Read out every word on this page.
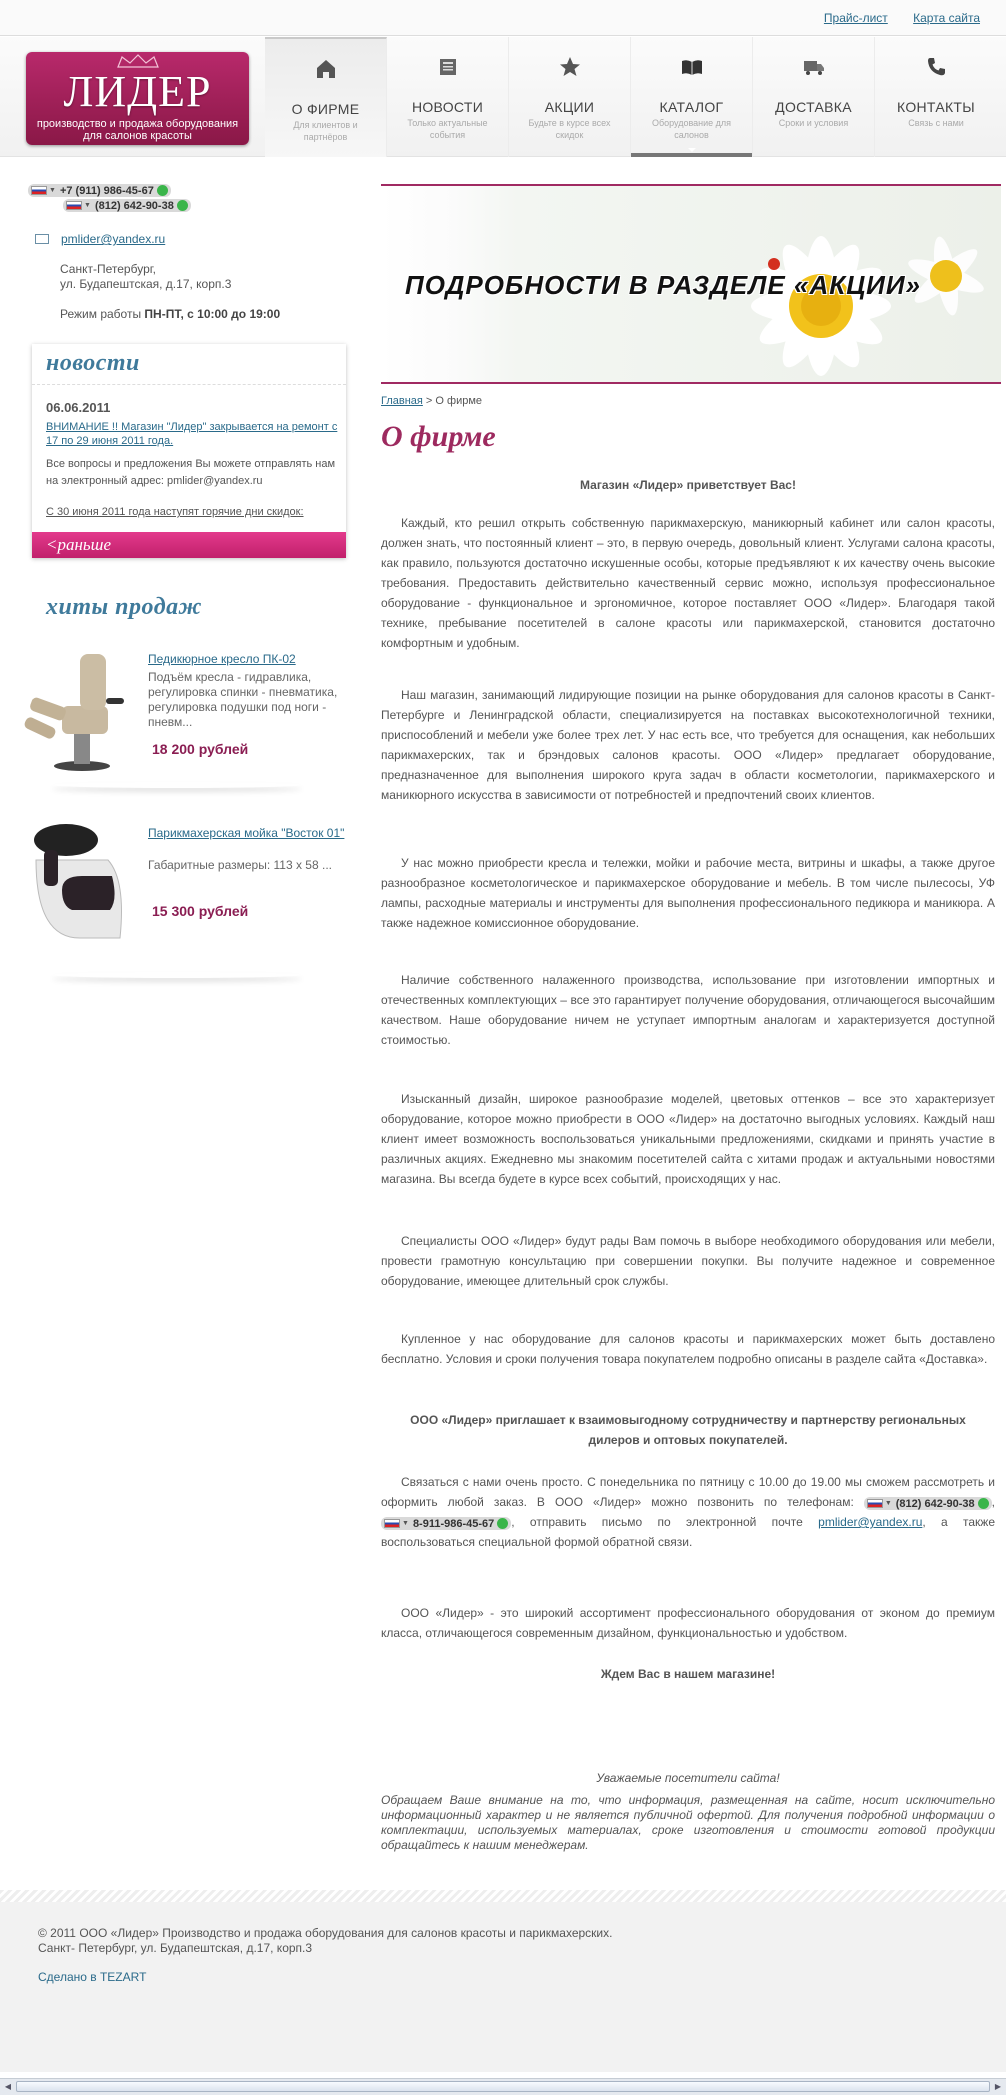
Прайс-лист Карта сайта
ЛИДЕР
производство и продажа оборудования для салонов красоты
О ФИРМЕ
Для клиентов и партнёров
НОВОСТИ
Только актуальные события
АКЦИИ
Будьте в курсе всех скидок
КАТАЛОГ
Оборудование для салонов
ДОСТАВКА
Сроки и условия
КОНТАКТЫ
Связь с нами
▼ +7 (911) 986-45-67
▼ (812) 642-90-38
pmlider@yandex.ru
Санкт-Петербург,
ул. Будапештская, д.17, корп.3
Режим работы ПН-ПТ, с 10:00 до 19:00
новости
06.06.2011
ВНИМАНИЕ !! Магазин "Лидер" закрывается на ремонт с 17 по 29 июня 2011 года.
Все вопросы и предложения Вы можете отправлять нам на электронный адрес: pmlider@yandex.ru
С 30 июня 2011 года наступят горячие дни скидок:
<раньше
хиты продаж
Педикюрное кресло ПК-02
Подъём кресла - гидравлика, регулировка спинки - пневматика, регулировка подушки под ноги - пневм...
18 200 рублей
Парикмахерская мойка "Восток 01"
Габаритные размеры: 113 х 58 ...
15 300 рублей
ПОДРОБНОСТИ В РАЗДЕЛЕ «АКЦИИ»
Главная > О фирме
О фирме
Магазин «Лидер» приветствует Вас!
Каждый, кто решил открыть собственную парикмахерскую, маникюрный кабинет или салон красоты, должен знать, что постоянный клиент – это, в первую очередь, довольный клиент. Услугами салона красоты, как правило, пользуются достаточно искушенные особы, которые предъявляют к их качеству очень высокие требования. Предоставить действительно качественный сервис можно, используя профессиональное оборудование - функциональное и эргономичное, которое поставляет ООО «Лидер». Благодаря такой технике, пребывание посетителей в салоне красоты или парикмахерской, становится достаточно комфортным и удобным.
Наш магазин, занимающий лидирующие позиции на рынке оборудования для салонов красоты в Санкт-Петербурге и Ленинградской области, специализируется на поставках высокотехнологичной техники, приспособлений и мебели уже более трех лет. У нас есть все, что требуется для оснащения, как небольших парикмахерских, так и брэндовых салонов красоты. ООО «Лидер» предлагает оборудование, предназначенное для выполнения широкого круга задач в области косметологии, парикмахерского и маникюрного искусства в зависимости от потребностей и предпочтений своих клиентов.
У нас можно приобрести кресла и тележки, мойки и рабочие места, витрины и шкафы, а также другое разнообразное косметологическое и парикмахерское оборудование и мебель. В том числе пылесосы, УФ лампы, расходные материалы и инструменты для выполнения профессионального педикюра и маникюра. А также надежное комиссионное оборудование.
Наличие собственного налаженного производства, использование при изготовлении импортных и отечественных комплектующих – все это гарантирует получение оборудования, отличающегося высочайшим качеством. Наше оборудование ничем не уступает импортным аналогам и характеризуется доступной стоимостью.
Изысканный дизайн, широкое разнообразие моделей, цветовых оттенков – все это характеризует оборудование, которое можно приобрести в ООО «Лидер» на достаточно выгодных условиях. Каждый наш клиент имеет возможность воспользоваться уникальными предложениями, скидками и принять участие в различных акциях. Ежедневно мы знакомим посетителей сайта с хитами продаж и актуальными новостями магазина. Вы всегда будете в курсе всех событий, происходящих у нас.
Специалисты ООО «Лидер» будут рады Вам помочь в выборе необходимого оборудования или мебели, провести грамотную консультацию при совершении покупки. Вы получите надежное и современное оборудование, имеющее длительный срок службы.
Купленное у нас оборудование для салонов красоты и парикмахерских может быть доставлено бесплатно. Условия и сроки получения товара покупателем подробно описаны в разделе сайта «Доставка».
ООО «Лидер» приглашает к взаимовыгодному сотрудничеству и партнерству региональных дилеров и оптовых покупателей.
Связаться с нами очень просто. С понедельника по пятницу с 10.00 до 19.00 мы сможем рассмотреть и оформить любой заказ. В ООО «Лидер» можно позвонить по телефонам:	▼ (812) 642-90-38 ,
▼ 8-911-986-45-67 , отправить письмо по электронной почте pmlider@yandex.ru, а также воспользоваться специальной формой обратной связи.
ООО «Лидер» - это широкий ассортимент профессионального оборудования от эконом до премиум класса, отличающегося современным дизайном, функциональностью и удобством.
Ждем Вас в нашем магазине!
Уважаемые посетители сайта!
Обращаем Ваше внимание на то, что информация, размещенная на сайте, носит исключительно информационный характер и не является публичной офертой. Для получения подробной информации о комплектации, используемых материалах, сроке изготовления и стоимости готовой продукции обращайтесь к нашим менеджерам.
© 2011 ООО «Лидер» Производство и продажа оборудования для салонов красоты и парикмахерских.
Санкт- Петербург, ул. Будапештская, д.17, корп.3
Сделано в TEZART
◀	▶
